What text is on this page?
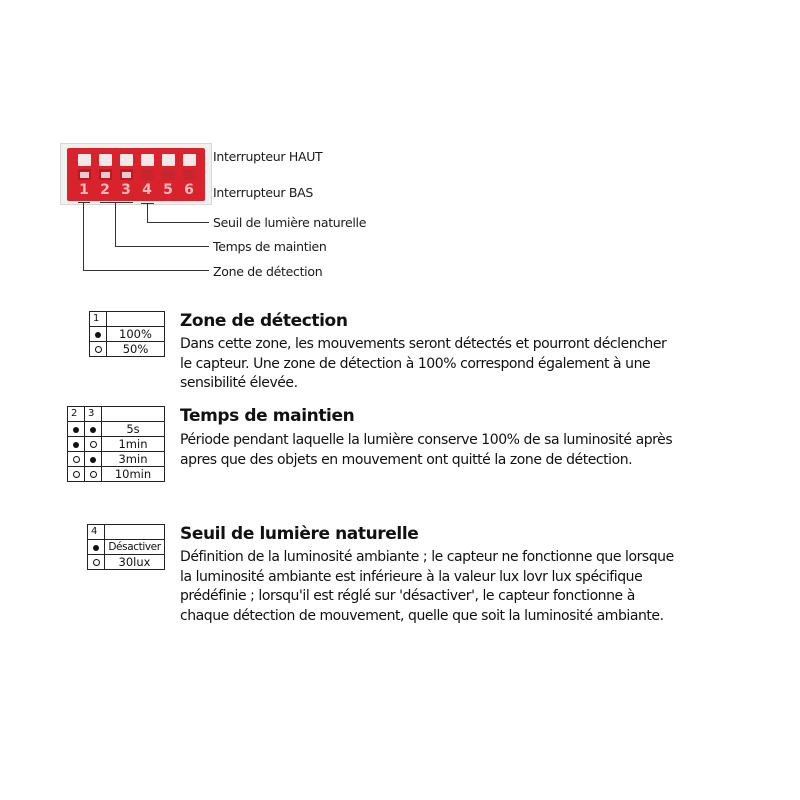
1 2 3 4 5 6
Interrupteur HAUT
Interrupteur BAS
Seuil de lumière naturelle
Temps de maintien
Zone de détection
1	
	100%
	50%
Zone de détection
Dans cette zone, les mouvements seront détectés et pourront déclencher
le capteur. Une zone de détection à 100% correspond également à une
sensibilité élevée.
2	3	
		5s
		1min
		3min
		10min
Temps de maintien
Période pendant laquelle la lumière conserve 100% de sa luminosité après
apres que des objets en mouvement ont quitté la zone de détection.
4	
	Désactiver
	30lux
Seuil de lumière naturelle
Définition de la luminosité ambiante ; le capteur ne fonctionne que lorsque
la luminosité ambiante est inférieure à la valeur lux lovr lux spécifique
prédéfinie ; lorsqu'il est réglé sur 'désactiver', le capteur fonctionne à
chaque détection de mouvement, quelle que soit la luminosité ambiante.
